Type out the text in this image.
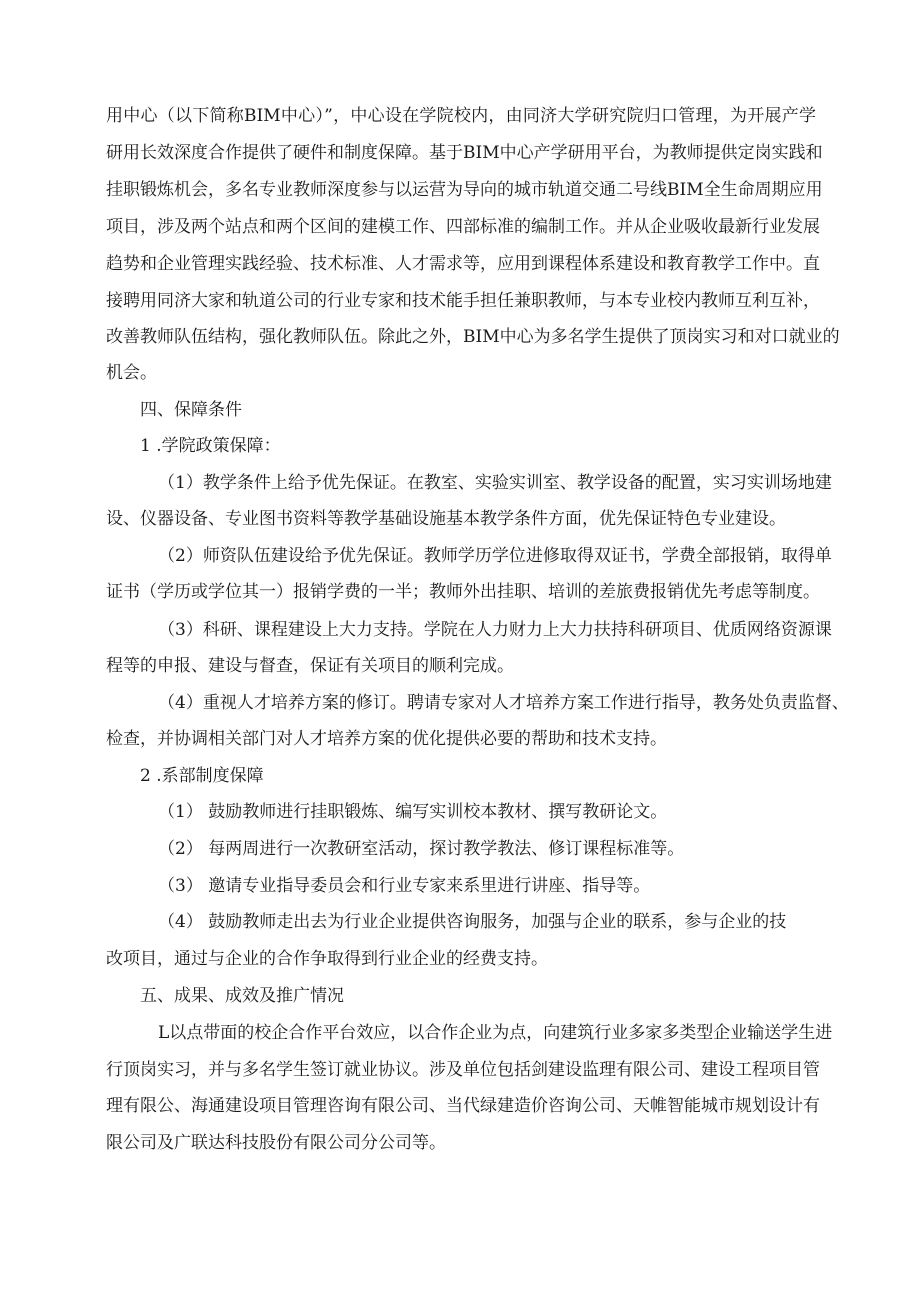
用中心（以下简称BIM中心）”，中心设在学院校内，由同济大学研究院归口管理，为开展产学
研用长效深度合作提供了硬件和制度保障。基于BIM中心产学研用平台，为教师提供定岗实践和
挂职锻炼机会，多名专业教师深度参与以运营为导向的城市轨道交通二号线BIM全生命周期应用
项目，涉及两个站点和两个区间的建模工作、四部标准的编制工作。并从企业吸收最新行业发展
趋势和企业管理实践经验、技术标准、人才需求等，应用到课程体系建设和教育教学工作中。直
接聘用同济大家和轨道公司的行业专家和技术能手担任兼职教师，与本专业校内教师互利互补，
改善教师队伍结构，强化教师队伍。除此之外，BIM中心为多名学生提供了顶岗实习和对口就业的
机会。
四、保障条件
1 .学院政策保障：
（1）教学条件上给予优先保证。在教室、实验实训室、教学设备的配置，实习实训场地建
设、仪器设备、专业图书资料等教学基础设施基本教学条件方面，优先保证特色专业建设。
（2）师资队伍建设给予优先保证。教师学历学位进修取得双证书，学费全部报销，取得单
证书（学历或学位其一）报销学费的一半；教师外出挂职、培训的差旅费报销优先考虑等制度。
（3）科研、课程建设上大力支持。学院在人力财力上大力扶持科研项目、优质网络资源课
程等的申报、建设与督查，保证有关项目的顺利完成。
（4）重视人才培养方案的修订。聘请专家对人才培养方案工作进行指导，教务处负责监督、
检查，并协调相关部门对人才培养方案的优化提供必要的帮助和技术支持。
2 .系部制度保障
（1） 鼓励教师进行挂职锻炼、编写实训校本教材、撰写教研论文。
（2） 每两周进行一次教研室活动，探讨教学教法、修订课程标准等。
（3） 邀请专业指导委员会和行业专家来系里进行讲座、指导等。
（4） 鼓励教师走出去为行业企业提供咨询服务，加强与企业的联系，参与企业的技
改项目，通过与企业的合作争取得到行业企业的经费支持。
五、成果、成效及推广情况
L以点带面的校企合作平台效应，以合作企业为点，向建筑行业多家多类型企业输送学生进
行顶岗实习，并与多名学生签订就业协议。涉及单位包括剑建设监理有限公司、建设工程项目管
理有限公、海通建设项目管理咨询有限公司、当代绿建造价咨询公司、天帷智能城市规划设计有
限公司及广联达科技股份有限公司分公司等。
